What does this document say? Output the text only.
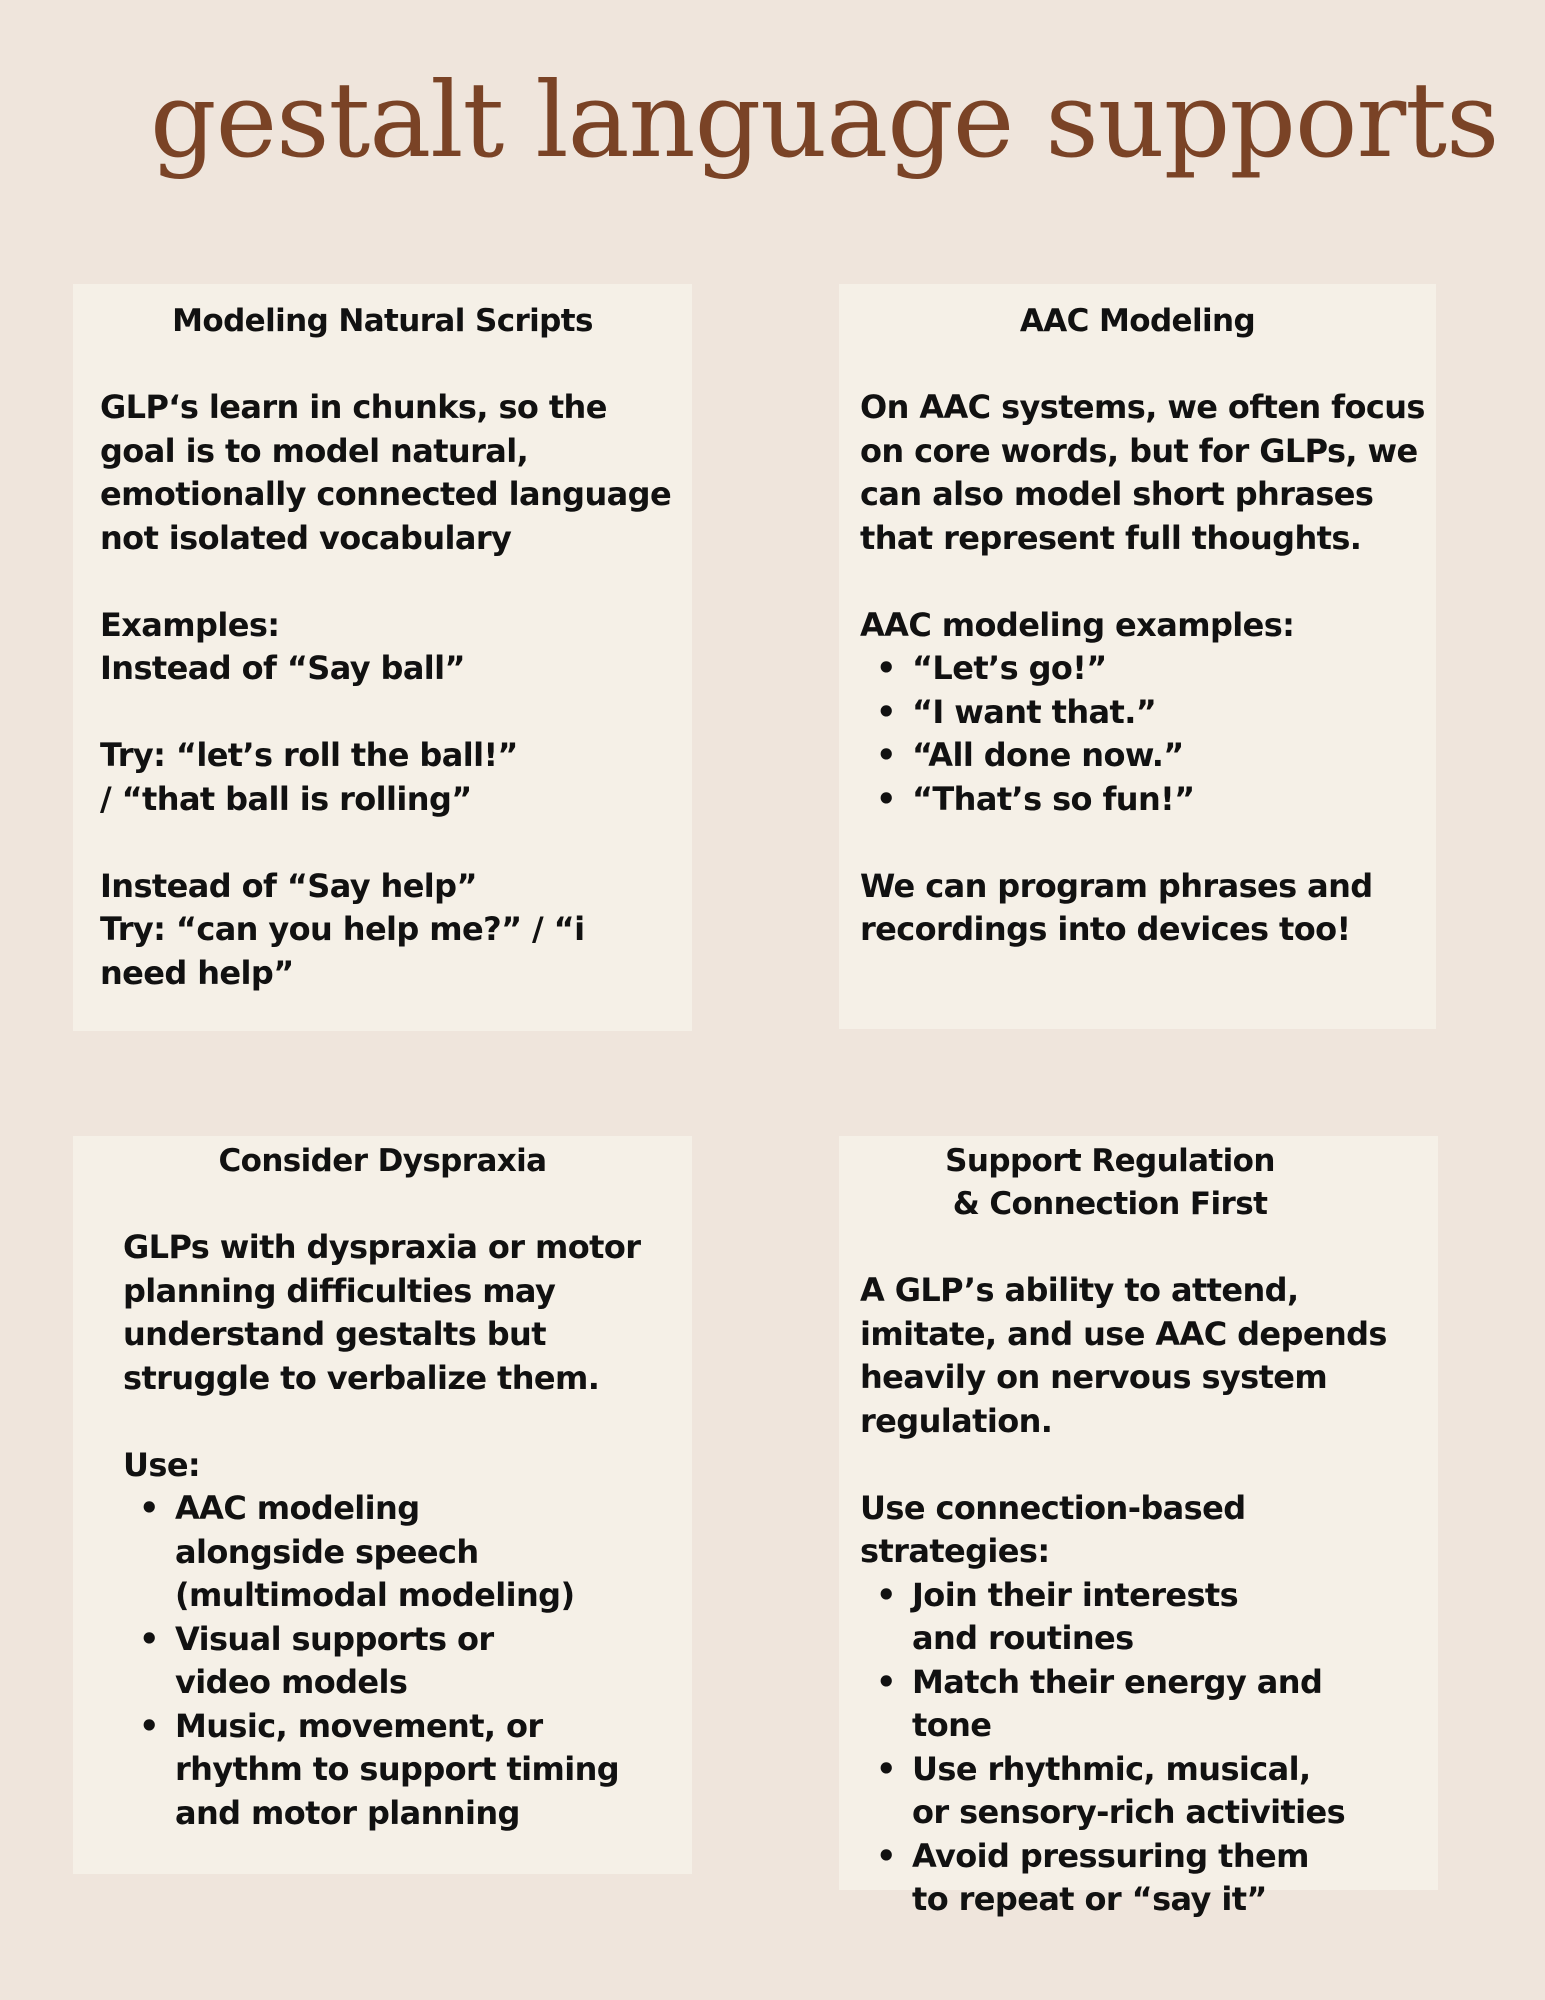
gestalt language supports
Modeling Natural Scripts

GLP‘s learn in chunks, so the goal is to model natural, emotionally connected language not isolated vocabulary

Examples:

Instead of “Say ball”

Try: “let’s roll the ball!” / “that ball is rolling”

Instead of “Say help”

Try: “can you help me?” / “i need help”

AAC Modeling

On AAC systems, we often focus on core words, but for GLPs, we can also model short phrases that represent full thoughts.

AAC modeling examples:

• “Let’s go!”
• “I want that.”
• “All done now.”
• “That’s so fun!”

We can program phrases and recordings into devices too!

Consider Dyspraxia

GLPs with dyspraxia or motor planning difficulties may understand gestalts but struggle to verbalize them.

Use:

• AAC modeling alongside speech (multimodal modeling)
• Visual supports or video models
• Music, movement, or rhythm to support timing and motor planning
Support Regulation & Connection First

A GLP’s ability to attend, imitate, and use AAC depends heavily on nervous system regulation.

Use connection-based strategies:

• Join their interests and routines
• Match their energy and tone
• Use rhythmic, musical, or sensory-rich activities
• Avoid pressuring them to repeat or “say it”
